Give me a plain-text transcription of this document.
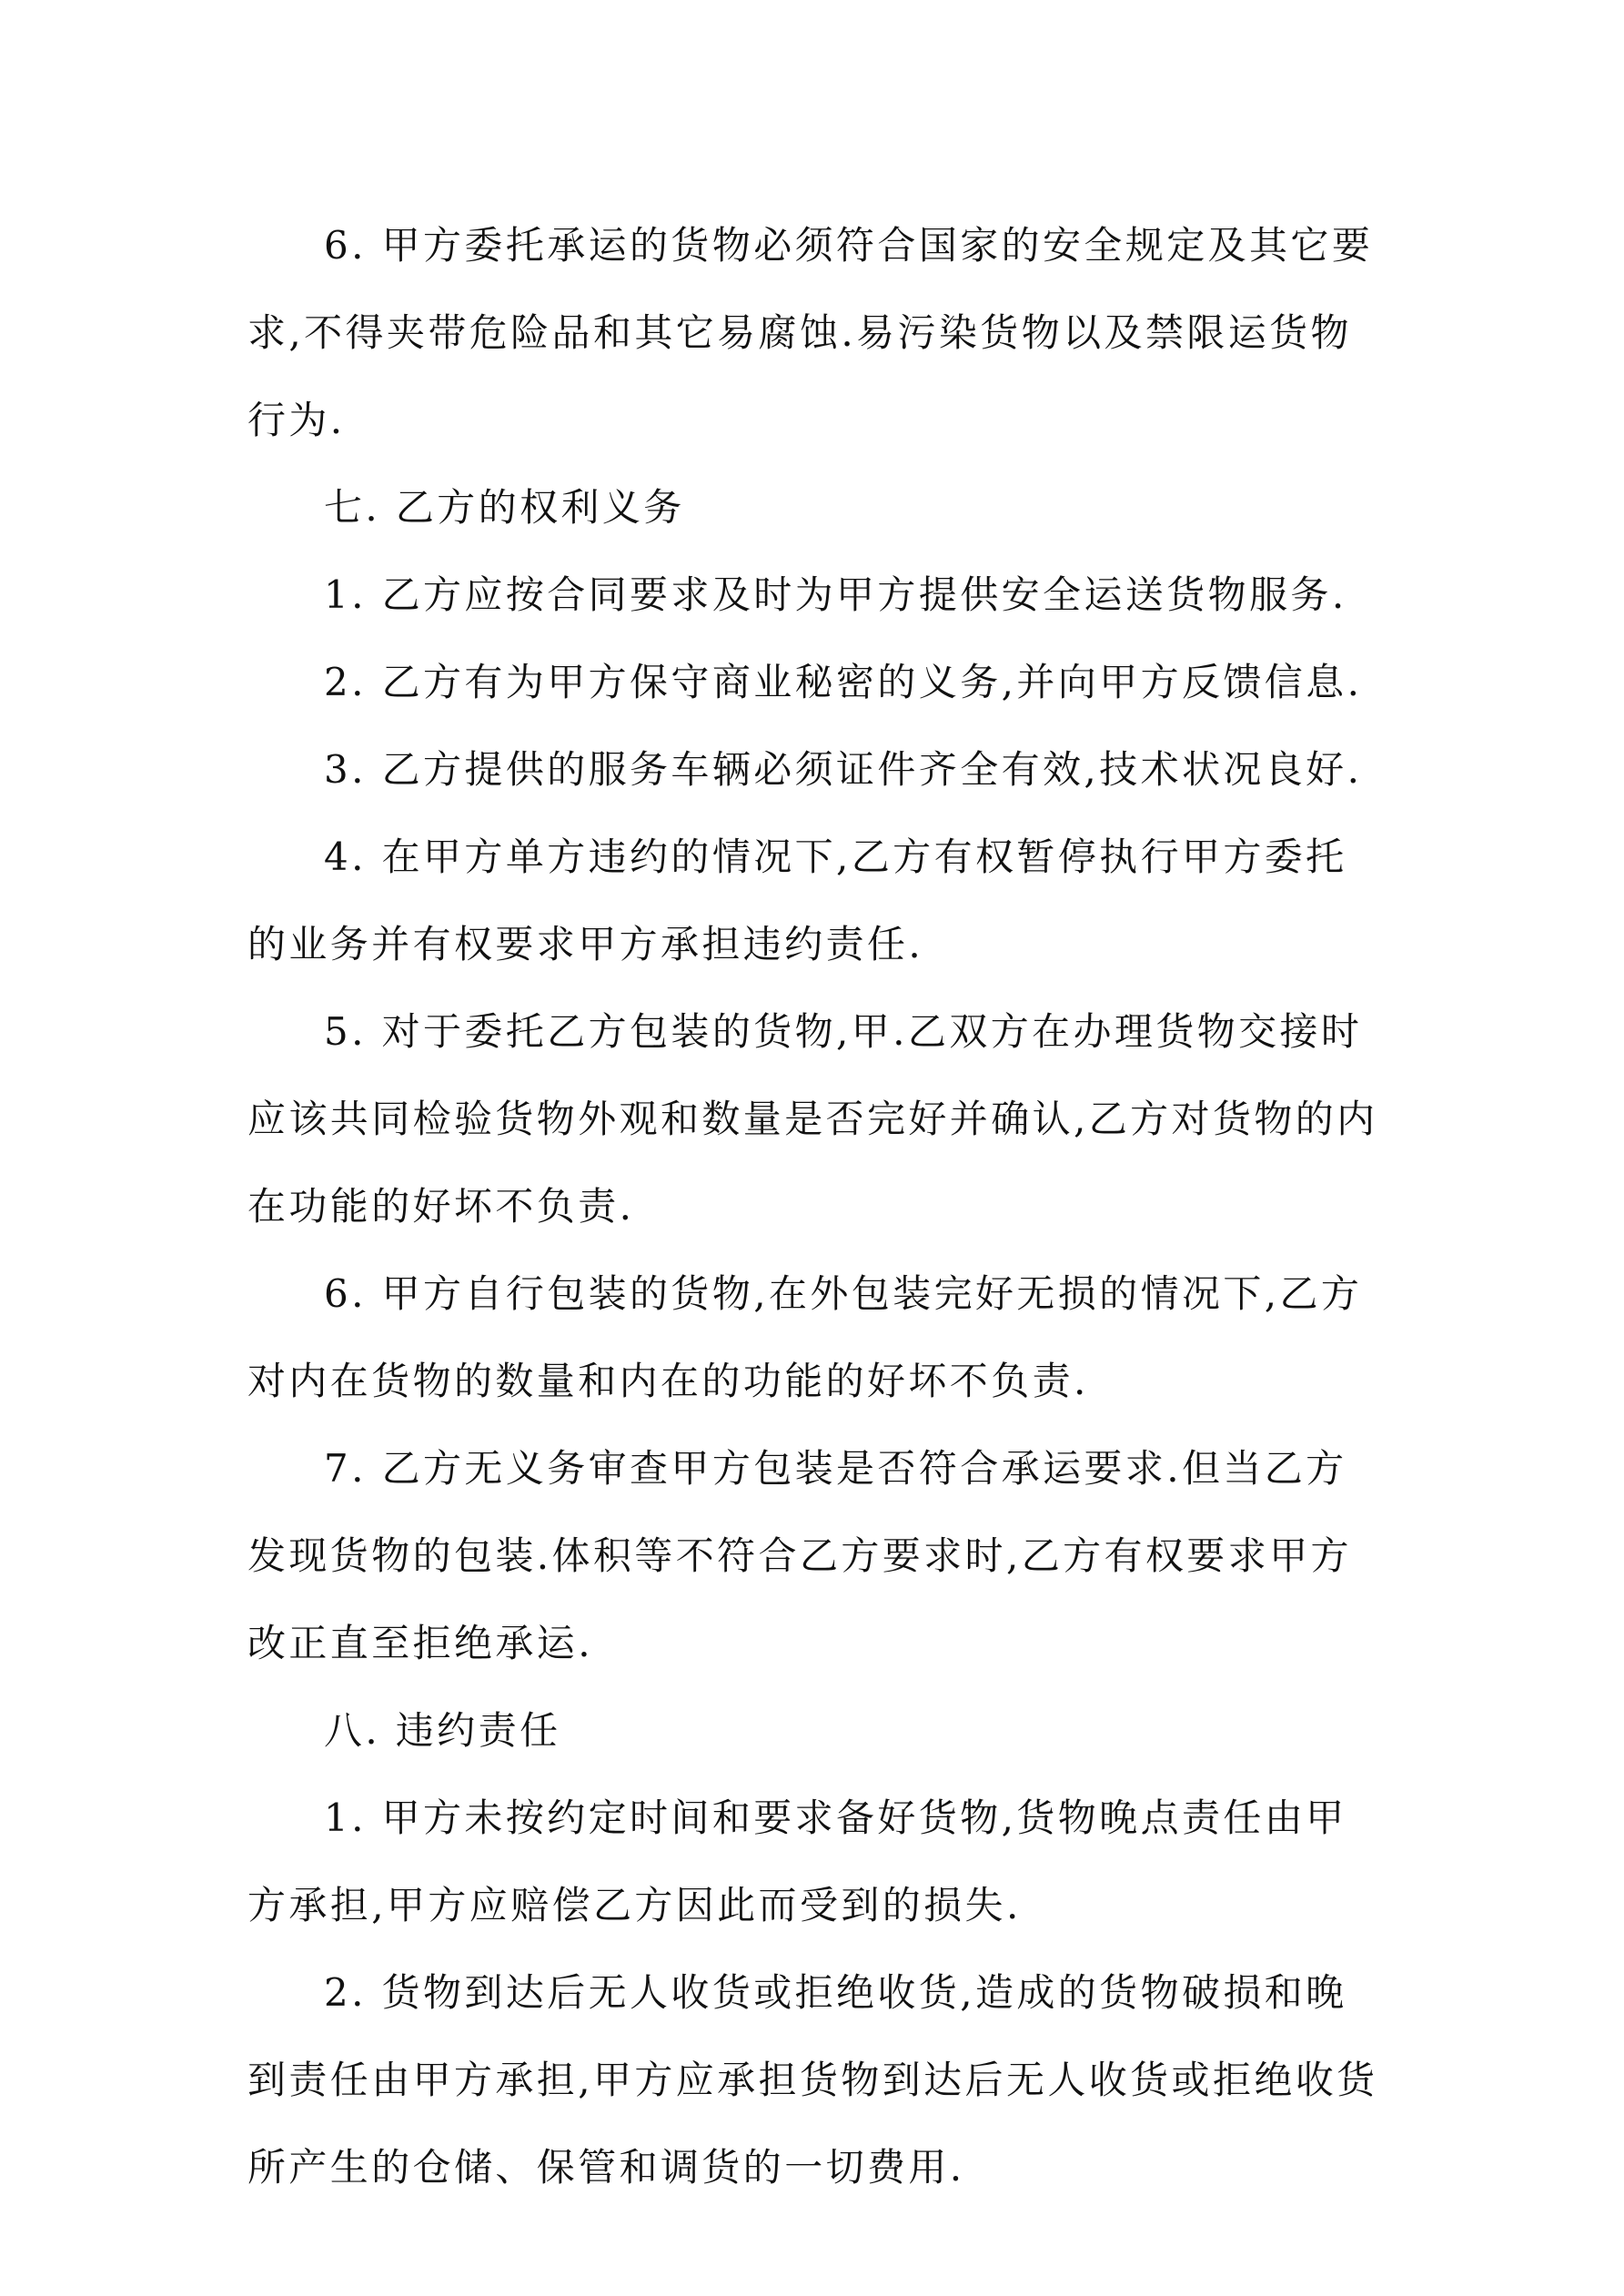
6. 甲方委托承运的货物必须符合国家的安全规定及其它要求,不得夹带危险品和其它易腐蚀.易污染货物以及禁限运货物行为.

七. 乙方的权利义务

1. 乙方应按合同要求及时为甲方提供安全运送货物服务.

2. 乙方有为甲方保守商业秘密的义务,并向甲方反馈信息.

3. 乙方提供的服务车辆必须证件齐全有效,技术状况良好.

4. 在甲方单方违约的情况下,乙方有权暂停执行甲方委托的业务并有权要求甲方承担违约责任.

5. 对于委托乙方包装的货物,甲.乙双方在办理货物交接时应该共同检验货物外观和数量是否完好并确认,乙方对货物的内在功能的好坏不负责.

6. 甲方自行包装的货物,在外包装完好无损的情况下,乙方对内在货物的数量和内在的功能的好坏不负责.

7. 乙方无义务审查甲方包装是否符合承运要求.但当乙方发现货物的包装.体积等不符合乙方要求时,乙方有权要求甲方改正直至拒绝承运.

八. 违约责任

1. 甲方未按约定时间和要求备好货物,货物晚点责任由甲方承担,甲方应赔偿乙方因此而受到的损失.

2. 货物到达后无人收货或拒绝收货,造成的货物破损和晚到责任由甲方承担,甲方应承担货物到达后无人收货或拒绝收货所产生的仓储、保管和调货的一切费用.
